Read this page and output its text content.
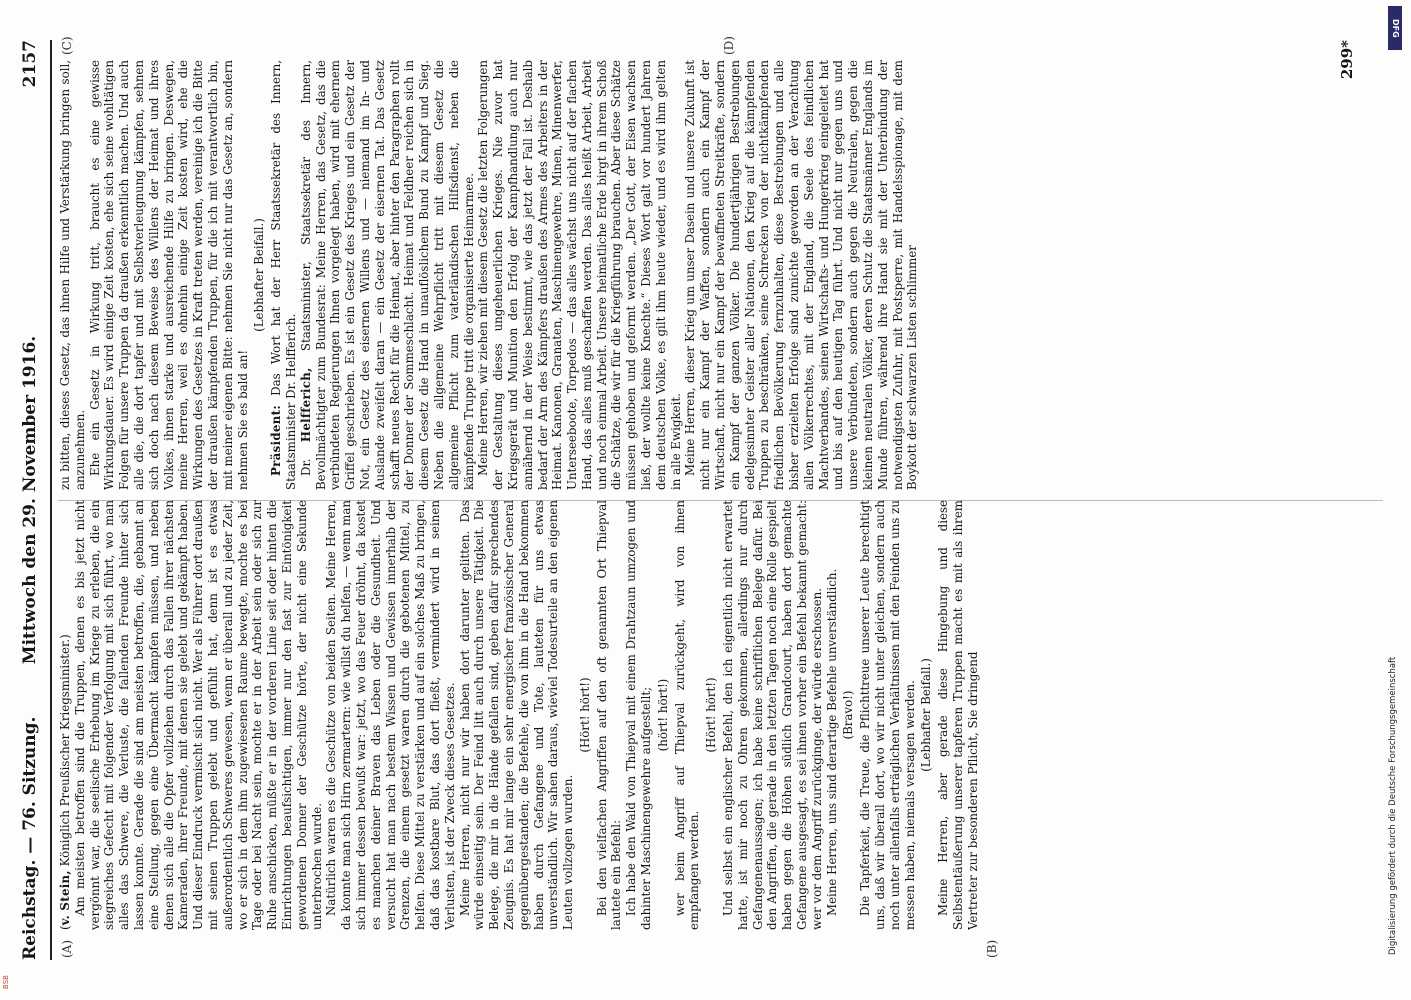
Reichstag. — 76. Sitzung.
Mittwoch den 29. November 1916.
2157
(A)	(B)
(C)	(D)

(v. Stein, Königlich Preußischer Kriegsminister.) Am meisten betroffen sind die Truppen, denen es bis jetzt nicht vergönnt war, die seelische Erhebung im Kriege zu erleben, die ein siegreiches Gefecht mit folgender Verfolgung mit sich führt, wo man alles das Schwere, die Verluste, die fallenden Freunde hinter sich lassen konnte. Gerade die sind am meisten betroffen, die, gebannt an eine Stellung, gegen eine Übermacht kämpfen müssen, und neben denen sich alle die Opfer vollziehen durch das Fallen ihrer nächsten Kameraden, ihrer Freunde, mit denen sie gelebt und gekämpft haben. Und dieser Eindruck vermischt sich nicht. Wer als Führer dort draußen mit seinen Truppen gelebt und gefühlt hat, denn ist es etwas außerordentlich Schweres gewesen, wenn er überall und zu jeder Zeit, wo er sich in dem ihm zugewiesenen Raume bewegte, mochte es bei Tage oder bei Nacht sein, mochte er in der Arbeit sein oder sich zur Ruhe anschicken, müßte er in der vorderen Linie seit oder hinten die Einrichtungen beaufsichtigen, immer nur den fast zur Eintönigkeit gewordenen Donner der Geschütze hörte, der nicht eine Sekunde unterbrochen wurde. Natürlich waren es die Geschütze von beiden Seiten. Meine Herren, da konnte man sich Hirn zermartern: wie willst du helfen, — wenn man sich immer dessen bewußt war: jetzt, wo das Feuer dröhnt, da kostet es manchen deiner Braven das Leben oder die Gesundheit. Und versucht hat man nach bestem Wissen und Gewissen innerhalb der Grenzen, die einem gesetzt waren durch die gebotenen Mittel, zu helfen. Diese Mittel zu verstärken und auf ein solches Maß zu bringen, daß das kostbare Blut, das dort fließt, vermindert wird in seinen Verlusten, ist der Zweck dieses Gesetzes. Meine Herren, nicht nur wir haben dort darunter gelitten. Das würde einseitig sein. Der Feind litt auch durch unsere Tätigkeit. Die Belege, die mir in die Hände gefallen sind, geben dafür sprechendes Zeugnis. Es hat mir lange ein sehr energischer französischer General gegenübergestanden; die Befehle, die von ihm in die Hand bekommen haben durch Gefangene und Tote, lauteten für uns etwas unverständlich. Wir sahen daraus, wieviel Todesurteile an den eigenen Leuten vollzogen wurden.

(Hört! hört!) Bei den vielfachen Angriffen auf den oft genannten Ort Thiepval lautete ein Befehl: Ich habe den Wald von Thiepval mit einem Drahtzaun umzogen und dahinter Maschinengewehre aufgestellt; (hört! hört!) wer beim Angriff auf Thiepval zurückgeht, wird von ihnen empfangen werden.

(Hört! hört!) Und selbst ein englischer Befehl, den ich eigentlich nicht erwartet hatte, ist mir noch zu Ohren gekommen, allerdings nur durch Gefangenenaussagen; ich habe keine schriftlichen Belege dafür. Bei den Angriffen, die gerade in den letzten Tagen noch eine Rolle gespielt haben gegen die Höhen südlich Grandcourt, haben dort gemachte Gefangene ausgesagt, es sei ihnen vorher ein Befehl bekannt gemacht: wer vor dem Angriff zurückginge, der würde erschossen. Meine Herren, uns sind derartige Befehle unverständlich. (Bravo!) Die Tapferkeit, die Treue, die Pflichttreue unserer Leute berechtigt uns, daß wir überall dort, wo wir nicht unter gleichen, sondern auch noch unter allenfalls erträglichen Verhältnissen mit den Feinden uns zu messen haben, niemals versagen werden. (Lebhafter Beifall.) Meine Herren, aber gerade diese Hingebung und diese Selbstentäußerung unserer tapferen Truppen macht es mit als ihrem Vertreter zur besonderen Pflicht, Sie dringend

zu bitten, dieses Gesetz, das ihnen Hilfe und Verstärkung bringen soll, anzunehmen. Ehe ein Gesetz in Wirkung tritt, braucht es eine gewisse Wirkungsdauer. Es wird einige Zeit kosten, ehe sich seine wohltätigen Folgen für unsere Truppen da draußen erkenntlich machen. Und auch alle die, die dort tapfer und mit Selbstverleugnung kämpfen, sehnen sich doch nach diesem Beweise des Willens der Heimat und ihres Volkes, ihnen starke und ausreichende Hilfe zu bringen. Deswegen, meine Herren, weil es ohnehin einige Zeit kosten wird, ehe die Wirkungen des Gesetzes in Kraft treten werden, vereinige ich die Bitte der draußen kämpfenden Truppen, für die ich mit verantwortlich bin, mit meiner eigenen Bitte: nehmen Sie nicht nur das Gesetz an, sondern nehmen Sie es bald an!

(Lebhafter Beifall.)

Präsident: Das Wort hat der Herr Staatssekretär des Innern, Staatsminister Dr. Helfferich. Dr. Helfferich, Staatsminister, Staatssekretär des Innern, Bevollmächtigter zum Bundesrat: Meine Herren, das Gesetz, das die verbündeten Regierungen Ihnen vorgelegt haben, wird mit ehernem Griffel geschrieben. Es ist ein Gesetz des Krieges und ein Gesetz der Not, ein Gesetz des eisernen Willens und — niemand im In- und Auslande zweifelt daran — ein Gesetz der eisernen Tat. Das Gesetz schafft neues Recht für die Heimat, aber hinter den Paragraphen rollt der Donner der Sommeschlacht. Heimat und Feldheer reichen sich in diesem Gesetz die Hand in unauflöslichem Bund zu Kampf und Sieg. Neben die allgemeine Wehrpflicht tritt mit diesem Gesetz die allgemeine Pflicht zum vaterländischen Hilfsdienst, neben die kämpfende Truppe tritt die organisierte Heimarmee. Meine Herren, wir ziehen mit diesem Gesetz die letzten Folgerungen der Gestaltung dieses ungeheuerlichen Krieges. Nie zuvor hat Kriegsgerät und Munition den Erfolg der Kampfhandlung auch nur annähernd in der Weise bestimmt, wie das jetzt der Fall ist. Deshalb bedarf der Arm des Kämpfers draußen des Armes des Arbeiters in der Heimat. Kanonen, Granaten, Maschinengewehre, Minen, Minenwerfer, Unterseeboote, Torpedos — das alles wächst uns nicht auf der flachen Hand, das alles muß geschaffen werden. Das alles heißt Arbeit, Arbeit und noch einmal Arbeit. Unsere heimatliche Erde birgt in ihrem Schoß die Schätze, die wir für die Kriegführung brauchen. Aber diese Schätze müssen gehoben und geformt werden. „Der Gott, der Eisen wachsen ließ, der wollte keine Knechte.“ Dieses Wort galt vor hundert Jahren dem deutschen Volke, es gilt ihm heute wieder, und es wird ihm gelten in alle Ewigkeit. Meine Herren, dieser Krieg um unser Dasein und unsere Zukunft ist nicht nur ein Kampf der Waffen, sondern auch ein Kampf der Wirtschaft, nicht nur ein Kampf der bewaffneten Streitkräfte, sondern ein Kampf der ganzen Völker. Die hundertjährigen Bestrebungen edelgesinnter Geister aller Nationen, den Krieg auf die kämpfenden Truppen zu beschränken, seine Schrecken von der nichtkämpfenden friedlichen Bevölkerung fernzuhalten, diese Bestrebungen und alle bisher erzielten Erfolge sind zunichte geworden an der Verachtung allen Völkerrechtes, mit der England, die Seele des feindlichen Machtverbandes, seinen Wirtschafts- und Hungerkrieg eingeleitet hat und bis auf den heutigen Tag führt. Und nicht nur gegen uns und unsere Verbündeten, sondern auch gegen die Neutralen, gegen die kleinen neutralen Völker, deren Schutz die Staatsmänner Englands im Munde führen, während ihre Hand sie mit der Unterbindung der notwendigsten Zufuhr, mit Postsperre, mit Handelsspionage, mit dem Boykott der schwarzen Listen schlimmer

299*
DFG
Digitalisierung gefördert durch die Deutsche Forschungsgemeinschaft
BSB
